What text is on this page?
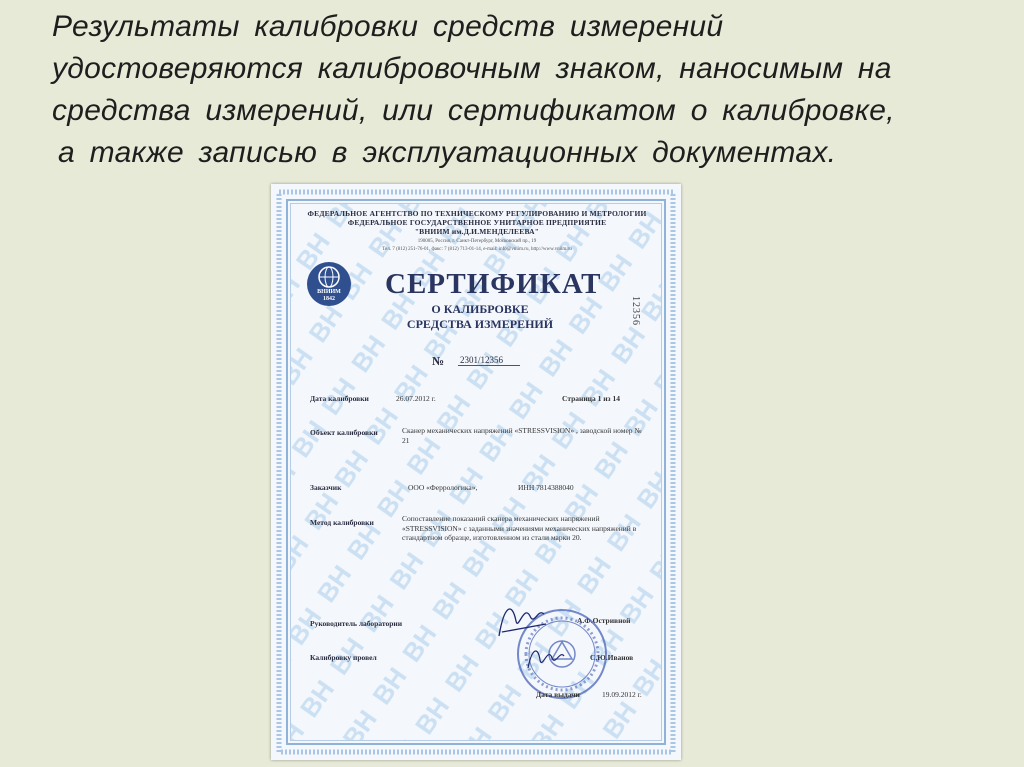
Результаты калибровки средств измерений
удостоверяются калибровочным знаком, наносимым на
средства измерений, или сертификатом о калибровке,
а также записью в эксплуатационных документах.
ФЕДЕРАЛЬНОЕ АГЕНТСТВО ПО ТЕХНИЧЕСКОМУ РЕГУЛИРОВАНИЮ И МЕТРОЛОГИИ
ФЕДЕРАЛЬНОЕ ГОСУДАРСТВЕННОЕ УНИТАРНОЕ ПРЕДПРИЯТИЕ
"ВНИИМ им.Д.И.МЕНДЕЛЕЕВА"
190005, Россия, г. Санкт-Петербург, Московский пр., 19
Тел. 7 (812) 251-76-01, факс: 7 (812) 713-01-14, e-mail: info@vniim.ru, http://www.vniim.ru
ВНИИМ
1842 СЕРТИФИКАТ
О КАЛИБРОВКЕ
СРЕДСТВА ИЗМЕРЕНИЙ	12356
№ 2301/12356
Дата калибровки	26.07.2012 г.	Страница 1 из 14
Объект калибровки	Сканер механических напряжений «STRESSVISION» , заводской номер № 21
Заказчик	ООО «Феррологика»,	ИНН 7814388040
Метод калибровки	Сопоставление показаний сканера механических напряжений «STRESSVISION» с заданными значениями механических напряжений в стандартном образце, изготовленном из стали марки 20.
Руководитель лаборатории	А.Ф.Остривной
Калибровку провел	С.Ю.Иванов
Дата выдачи	19.09.2012 г.
